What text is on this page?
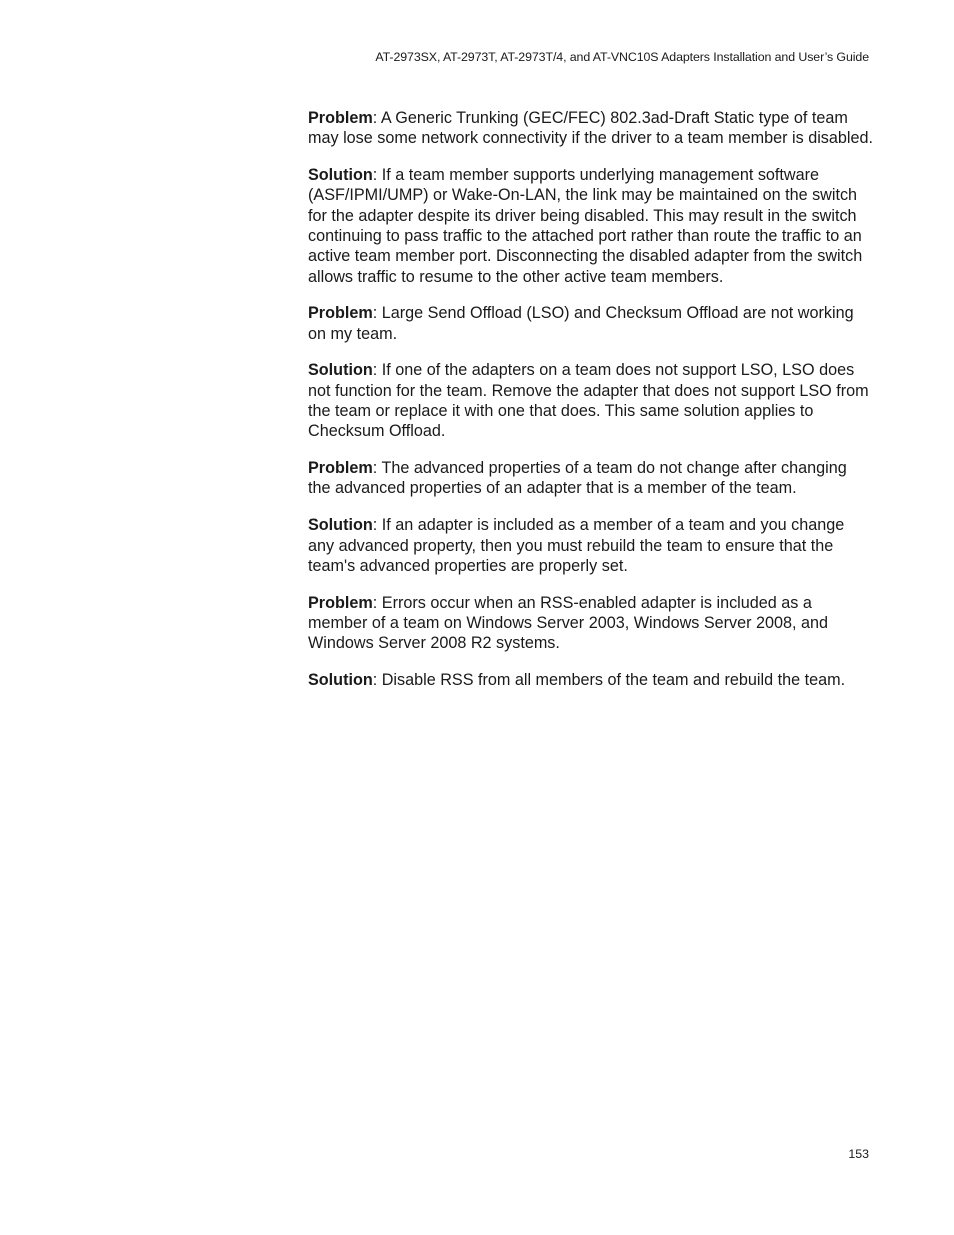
AT-2973SX, AT-2973T, AT-2973T/4, and AT-VNC10S Adapters Installation and User’s Guide

Problem: A Generic Trunking (GEC/FEC) 802.3ad-Draft Static type of team may lose some network connectivity if the driver to a team member is disabled.

Solution: If a team member supports underlying management software (ASF/IPMI/UMP) or Wake-On-LAN, the link may be maintained on the switch for the adapter despite its driver being disabled. This may result in the switch continuing to pass traffic to the attached port rather than route the traffic to an active team member port. Disconnecting the disabled adapter from the switch allows traffic to resume to the other active team members.

Problem: Large Send Offload (LSO) and Checksum Offload are not working on my team.

Solution: If one of the adapters on a team does not support LSO, LSO does not function for the team. Remove the adapter that does not support LSO from the team or replace it with one that does. This same solution applies to Checksum Offload.

Problem: The advanced properties of a team do not change after changing the advanced properties of an adapter that is a member of the team.

Solution: If an adapter is included as a member of a team and you change any advanced property, then you must rebuild the team to ensure that the team's advanced properties are properly set.

Problem: Errors occur when an RSS-enabled adapter is included as a member of a team on Windows Server 2003, Windows Server 2008, and Windows Server 2008 R2 systems.

Solution: Disable RSS from all members of the team and rebuild the team.

153
